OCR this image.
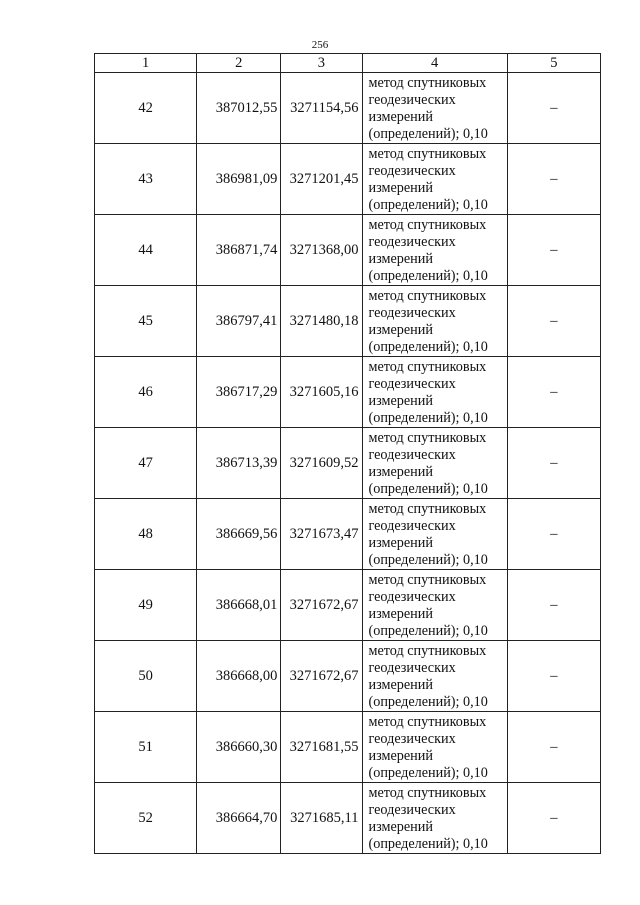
256
1	2	3	4	5
42	387012,55	3271154,56	метод спутниковых
геодезических
измерений
(определений); 0,10	–
43	386981,09	3271201,45	метод спутниковых
геодезических
измерений
(определений); 0,10	–
44	386871,74	3271368,00	метод спутниковых
геодезических
измерений
(определений); 0,10	–
45	386797,41	3271480,18	метод спутниковых
геодезических
измерений
(определений); 0,10	–
46	386717,29	3271605,16	метод спутниковых
геодезических
измерений
(определений); 0,10	–
47	386713,39	3271609,52	метод спутниковых
геодезических
измерений
(определений); 0,10	–
48	386669,56	3271673,47	метод спутниковых
геодезических
измерений
(определений); 0,10	–
49	386668,01	3271672,67	метод спутниковых
геодезических
измерений
(определений); 0,10	–
50	386668,00	3271672,67	метод спутниковых
геодезических
измерений
(определений); 0,10	–
51	386660,30	3271681,55	метод спутниковых
геодезических
измерений
(определений); 0,10	–
52	386664,70	3271685,11	метод спутниковых
геодезических
измерений
(определений); 0,10	–
